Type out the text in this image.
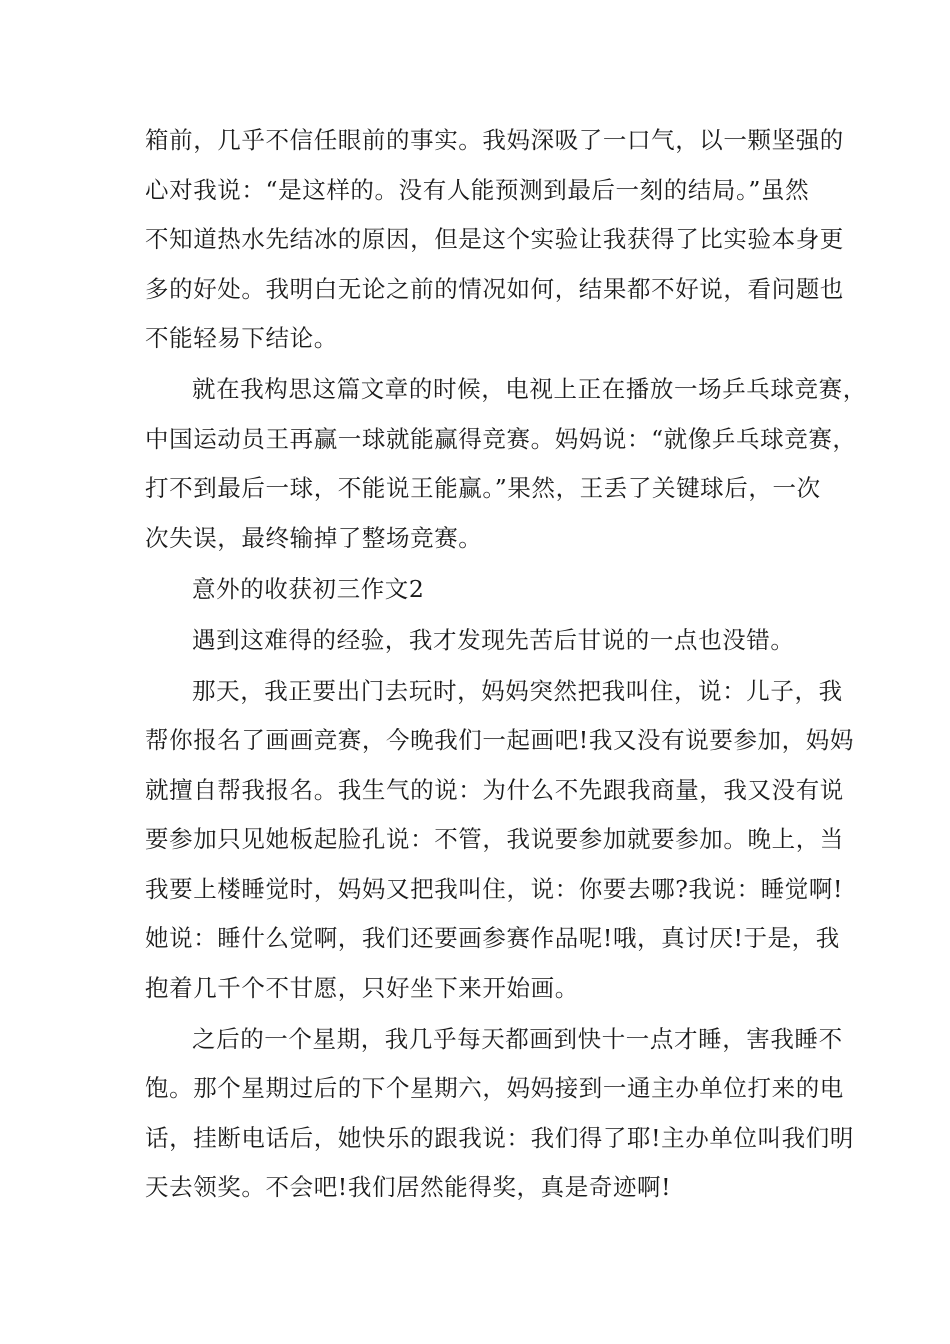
箱前，几乎不信任眼前的事实。我妈深吸了一口气，以一颗坚强的
心对我说：“是这样的。没有人能预测到最后一刻的结局。”虽然
不知道热水先结冰的原因，但是这个实验让我获得了比实验本身更
多的好处。我明白无论之前的情况如何，结果都不好说，看问题也
不能轻易下结论。
就在我构思这篇文章的时候，电视上正在播放一场乒乓球竞赛，
中国运动员王再赢一球就能赢得竞赛。妈妈说：“就像乒乓球竞赛，
打不到最后一球，不能说王能赢。”果然，王丢了关键球后，一次
次失误，最终输掉了整场竞赛。
意外的收获初三作文2
遇到这难得的经验，我才发现先苦后甘说的一点也没错。
那天，我正要出门去玩时，妈妈突然把我叫住，说：儿子，我
帮你报名了画画竞赛，今晚我们一起画吧!我又没有说要参加，妈妈
就擅自帮我报名。我生气的说：为什么不先跟我商量，我又没有说
要参加只见她板起脸孔说：不管，我说要参加就要参加。晚上，当
我要上楼睡觉时，妈妈又把我叫住，说：你要去哪?我说：睡觉啊!
她说：睡什么觉啊，我们还要画参赛作品呢!哦，真讨厌!于是，我
抱着几千个不甘愿，只好坐下来开始画。
之后的一个星期，我几乎每天都画到快十一点才睡，害我睡不
饱。那个星期过后的下个星期六，妈妈接到一通主办单位打来的电
话，挂断电话后，她快乐的跟我说：我们得了耶!主办单位叫我们明
天去领奖。不会吧!我们居然能得奖，真是奇迹啊!
